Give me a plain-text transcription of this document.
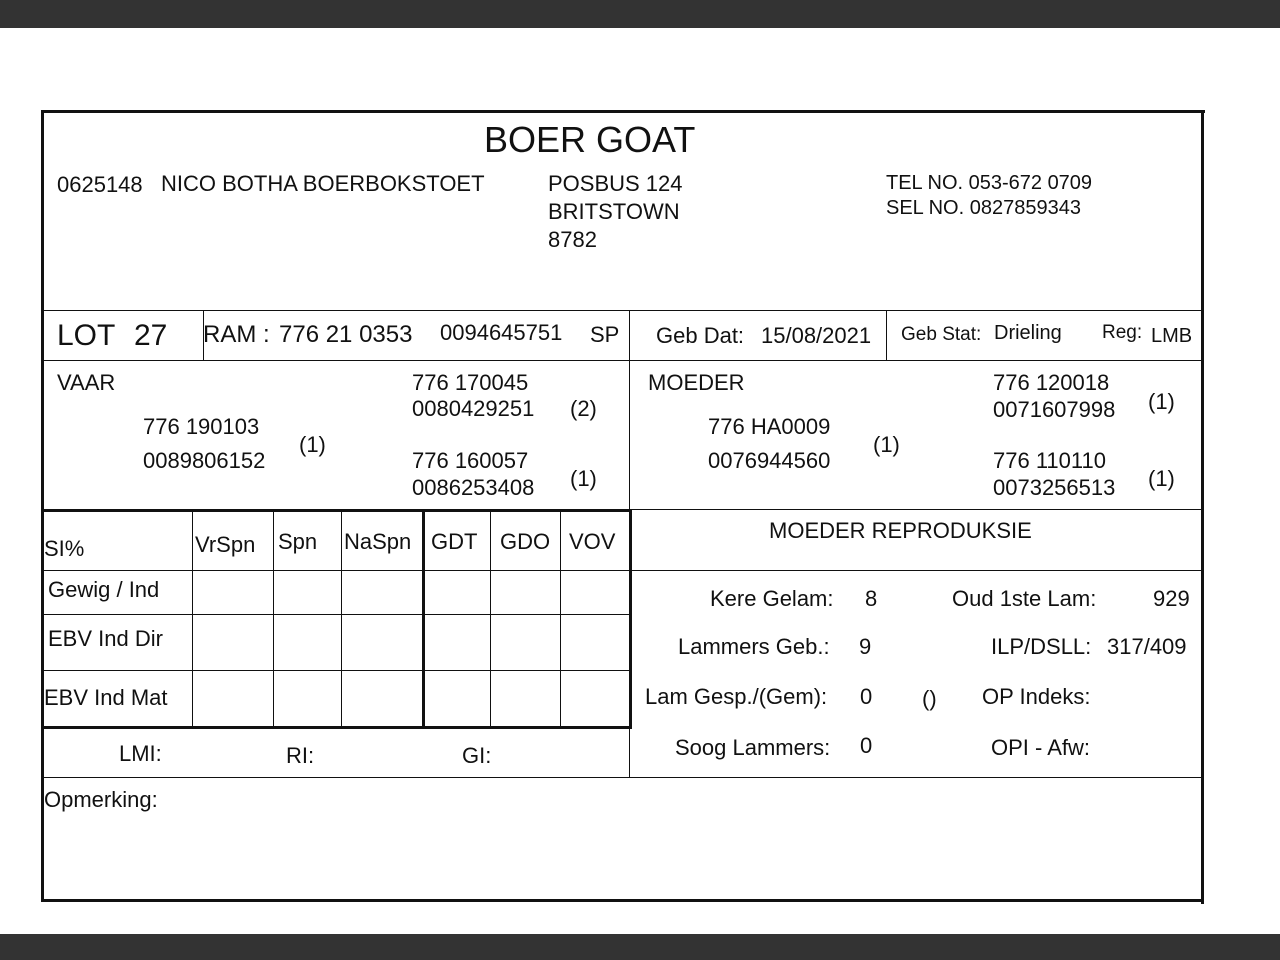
BOER GOAT
0625148 NICO BOTHA BOERBOKSTOET	POSBUS 124
BRITSTOWN
8782
TEL NO. 053-672 0709
SEL NO. 0827859343
LOT 27 RAM : 776 21 0353 0094645751 SP Geb Dat: 15/08/2021 Geb Stat: Drieling Reg: LMB
VAAR
776 190103
0089806152
(1)
776 170045
0080429251 (2)
776 160057
0086253408 (1)
MOEDER
776 HA0009
0076944560
(1)
776 120018
0071607998 (1)
776 110110
0073256513 (1)
SI%	VrSpn Spn NaSpn GDT GDO VOV
Gewig / Ind
EBV Ind Dir
EBV Ind Mat
LMI:	RI:	GI:
MOEDER REPRODUKSIE
Kere Gelam: 8	Oud 1ste Lam:	929
Lammers Geb.: 9	ILP/DSLL: 317/409
Lam Gesp./(Gem): 0 () OP Indeks:
Soog Lammers: 0	OPI - Afw:
Opmerking:
